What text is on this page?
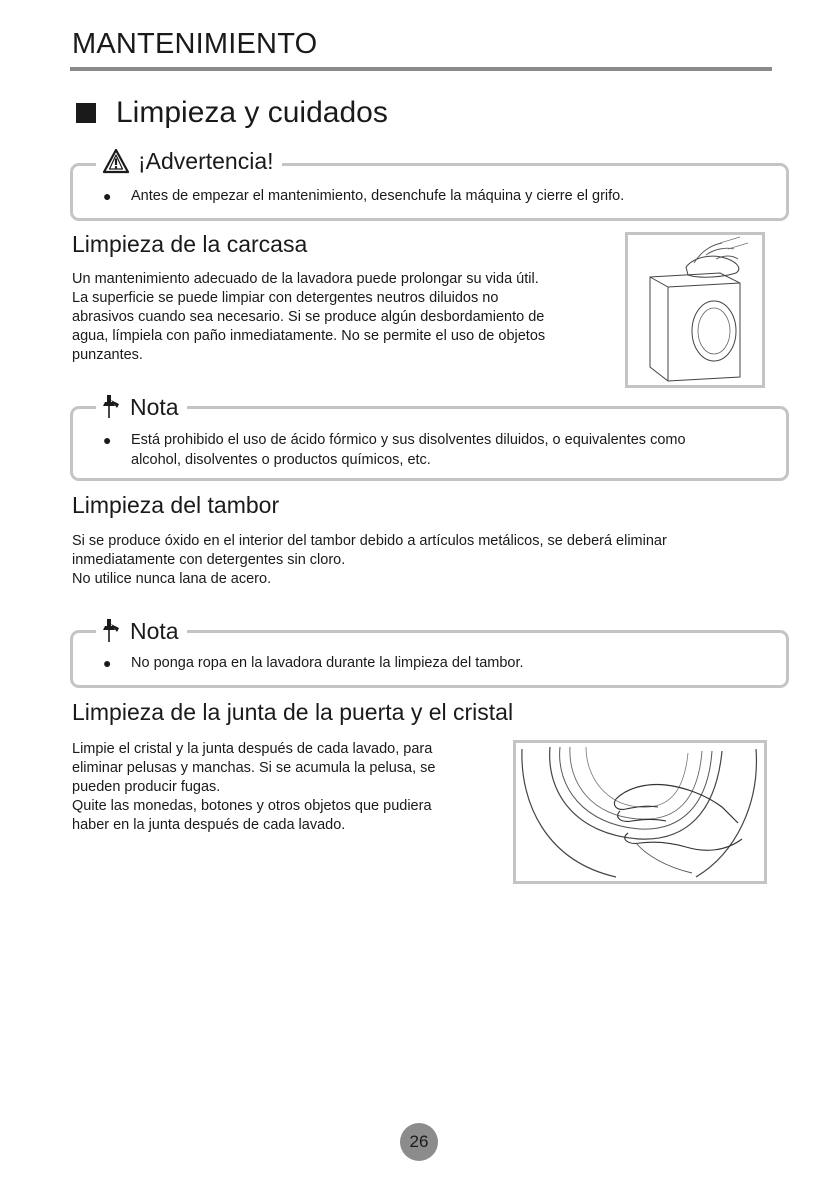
MANTENIMIENTO
Limpieza y cuidados
¡Advertencia!
● Antes de empezar el mantenimiento, desenchufe la máquina y cierre el grifo.
Limpieza de la carcasa
Un mantenimiento adecuado de la lavadora puede prolongar su vida útil.
La superficie se puede limpiar con detergentes neutros diluidos no
abrasivos cuando sea necesario. Si se produce algún desbordamiento de
agua, límpiela con paño inmediatamente. No se permite el uso de objetos
punzantes.
Nota
● Está prohibido el uso de ácido fórmico y sus disolventes diluidos, o equivalentes como
alcohol, disolventes o productos químicos, etc.
Limpieza del tambor
Si se produce óxido en el interior del tambor debido a artículos metálicos, se deberá eliminar
inmediatamente con detergentes sin cloro.
No utilice nunca lana de acero.
Nota
● No ponga ropa en la lavadora durante la limpieza del tambor.
Limpieza de la junta de la puerta y el cristal
Limpie el cristal y la junta después de cada lavado, para
eliminar pelusas y manchas. Si se acumula la pelusa, se
pueden producir fugas.
Quite las monedas, botones y otros objetos que pudiera
haber en la junta después de cada lavado.
26
